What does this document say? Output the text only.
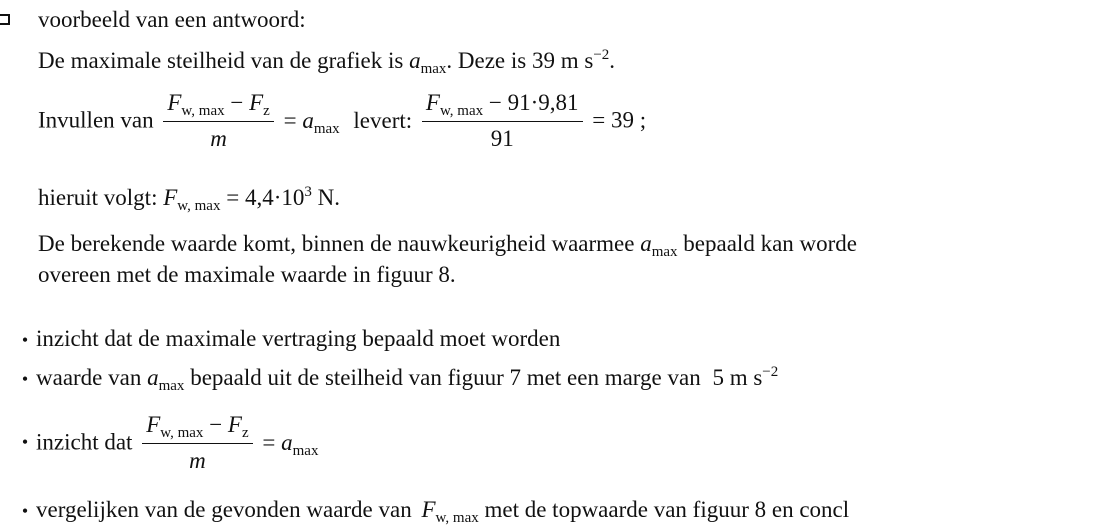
voorbeeld van een antwoord:
De maximale steilheid van de grafiek is $a_{max}$. Deze is 39 m $s^{-2}$.
Invullen van $\frac{F_{w, max} - F_z}{m} = a_{max}$ levert: $\frac{F_{w, max} - 91\cdot 9,81}{91} = 39$ ;
hieruit volgt: $F_{w, max} = 4,4\cdot 10^3$ N.
De berekende waarde komt, binnen de nauwkeurigheid waarmee $a_{max}$ bepaald kan worde
overeen met de maximale waarde in figuur 8.
• inzicht dat de maximale vertraging bepaald moet worden
• waarde van $a_{max}$ bepaald uit de steilheid van figuur 7 met een marge van 5 m $s^{-2}$
• inzicht dat $\frac{F_{w, max} - F_z}{m} = a_{max}$
• vergelijken van de gevonden waarde van $F_{w, max}$ met de topwaarde van figuur 8 en concl
